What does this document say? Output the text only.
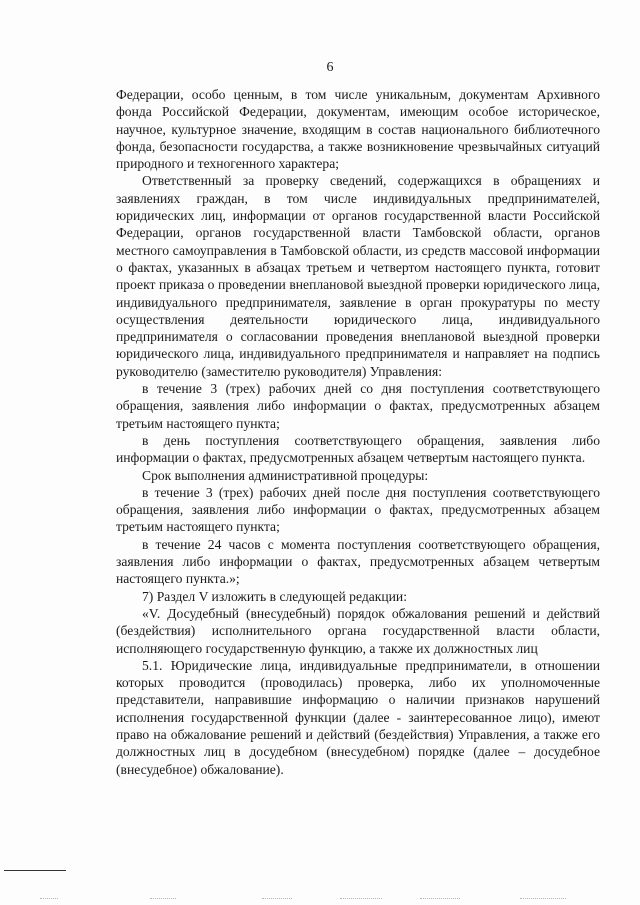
6

Федерации, особо ценным, в том числе уникальным, документам Архивного фонда Российской Федерации, документам, имеющим особое историческое, научное, культурное значение, входящим в состав национального библиотечного фонда, безопасности государства, а также возникновение чрезвычайных ситуаций природного и техногенного характера;

Ответственный за проверку сведений, содержащихся в обращениях и заявлениях граждан, в том числе индивидуальных предпринимателей, юридических лиц, информации от органов государственной власти Российской Федерации, органов государственной власти Тамбовской области, органов местного самоуправления в Тамбовской области, из средств массовой информации о фактах, указанных в абзацах третьем и четвертом настоящего пункта, готовит проект приказа о проведении внеплановой выездной проверки юридического лица, индивидуального предпринимателя, заявление в орган прокуратуры по месту осуществления деятельности юридического лица, индивидуального предпринимателя о согласовании проведения внеплановой выездной проверки юридического лица, индивидуального предпринимателя и направляет на подпись руководителю (заместителю руководителя) Управления:

в течение 3 (трех) рабочих дней со дня поступления соответствующего обращения, заявления либо информации о фактах, предусмотренных абзацем третьим настоящего пункта;

в день поступления соответствующего обращения, заявления либо информации о фактах, предусмотренных абзацем четвертым настоящего пункта.

Срок выполнения административной процедуры:

в течение 3 (трех) рабочих дней после дня поступления соответствующего обращения, заявления либо информации о фактах, предусмотренных абзацем третьим настоящего пункта;

в течение 24 часов с момента поступления соответствующего обращения, заявления либо информации о фактах, предусмотренных абзацем четвертым настоящего пункта.»;

7) Раздел V изложить в следующей редакции:

«V. Досудебный (внесудебный) порядок обжалования решений и действий (бездействия) исполнительного органа государственной власти области, исполняющего государственную функцию, а также их должностных лиц

5.1. Юридические лица, индивидуальные предприниматели, в отношении которых проводится (проводилась) проверка, либо их уполномоченные представители, направившие информацию о наличии признаков нарушений исполнения государственной функции (далее - заинтересованное лицо), имеют право на обжалование решений и действий (бездействия) Управления, а также его должностных лиц в досудебном (внесудебном) порядке (далее – досудебное (внесудебное) обжалование).
